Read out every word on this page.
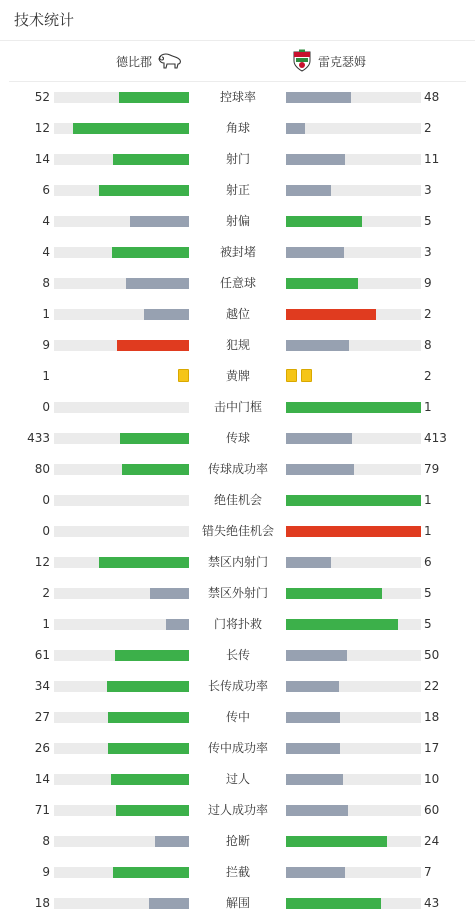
技术统计
德比郡	雷克瑟姆
52	控球率	48
12	角球	2
14	射门	11
6	射正	3
4	射偏	5
4	被封堵	3
8	任意球	9
1	越位	2
9	犯规	8
1	黄牌	2
0	击中门框	1
433	传球	413
80	传球成功率	79
0	绝佳机会	1
0	错失绝佳机会	1
12	禁区内射门	6
2	禁区外射门	5
1	门将扑救	5
61	长传	50
34	长传成功率	22
27	传中	18
26	传中成功率	17
14	过人	10
71	过人成功率	60
8	抢断	24
9	拦截	7
18	解围	43
